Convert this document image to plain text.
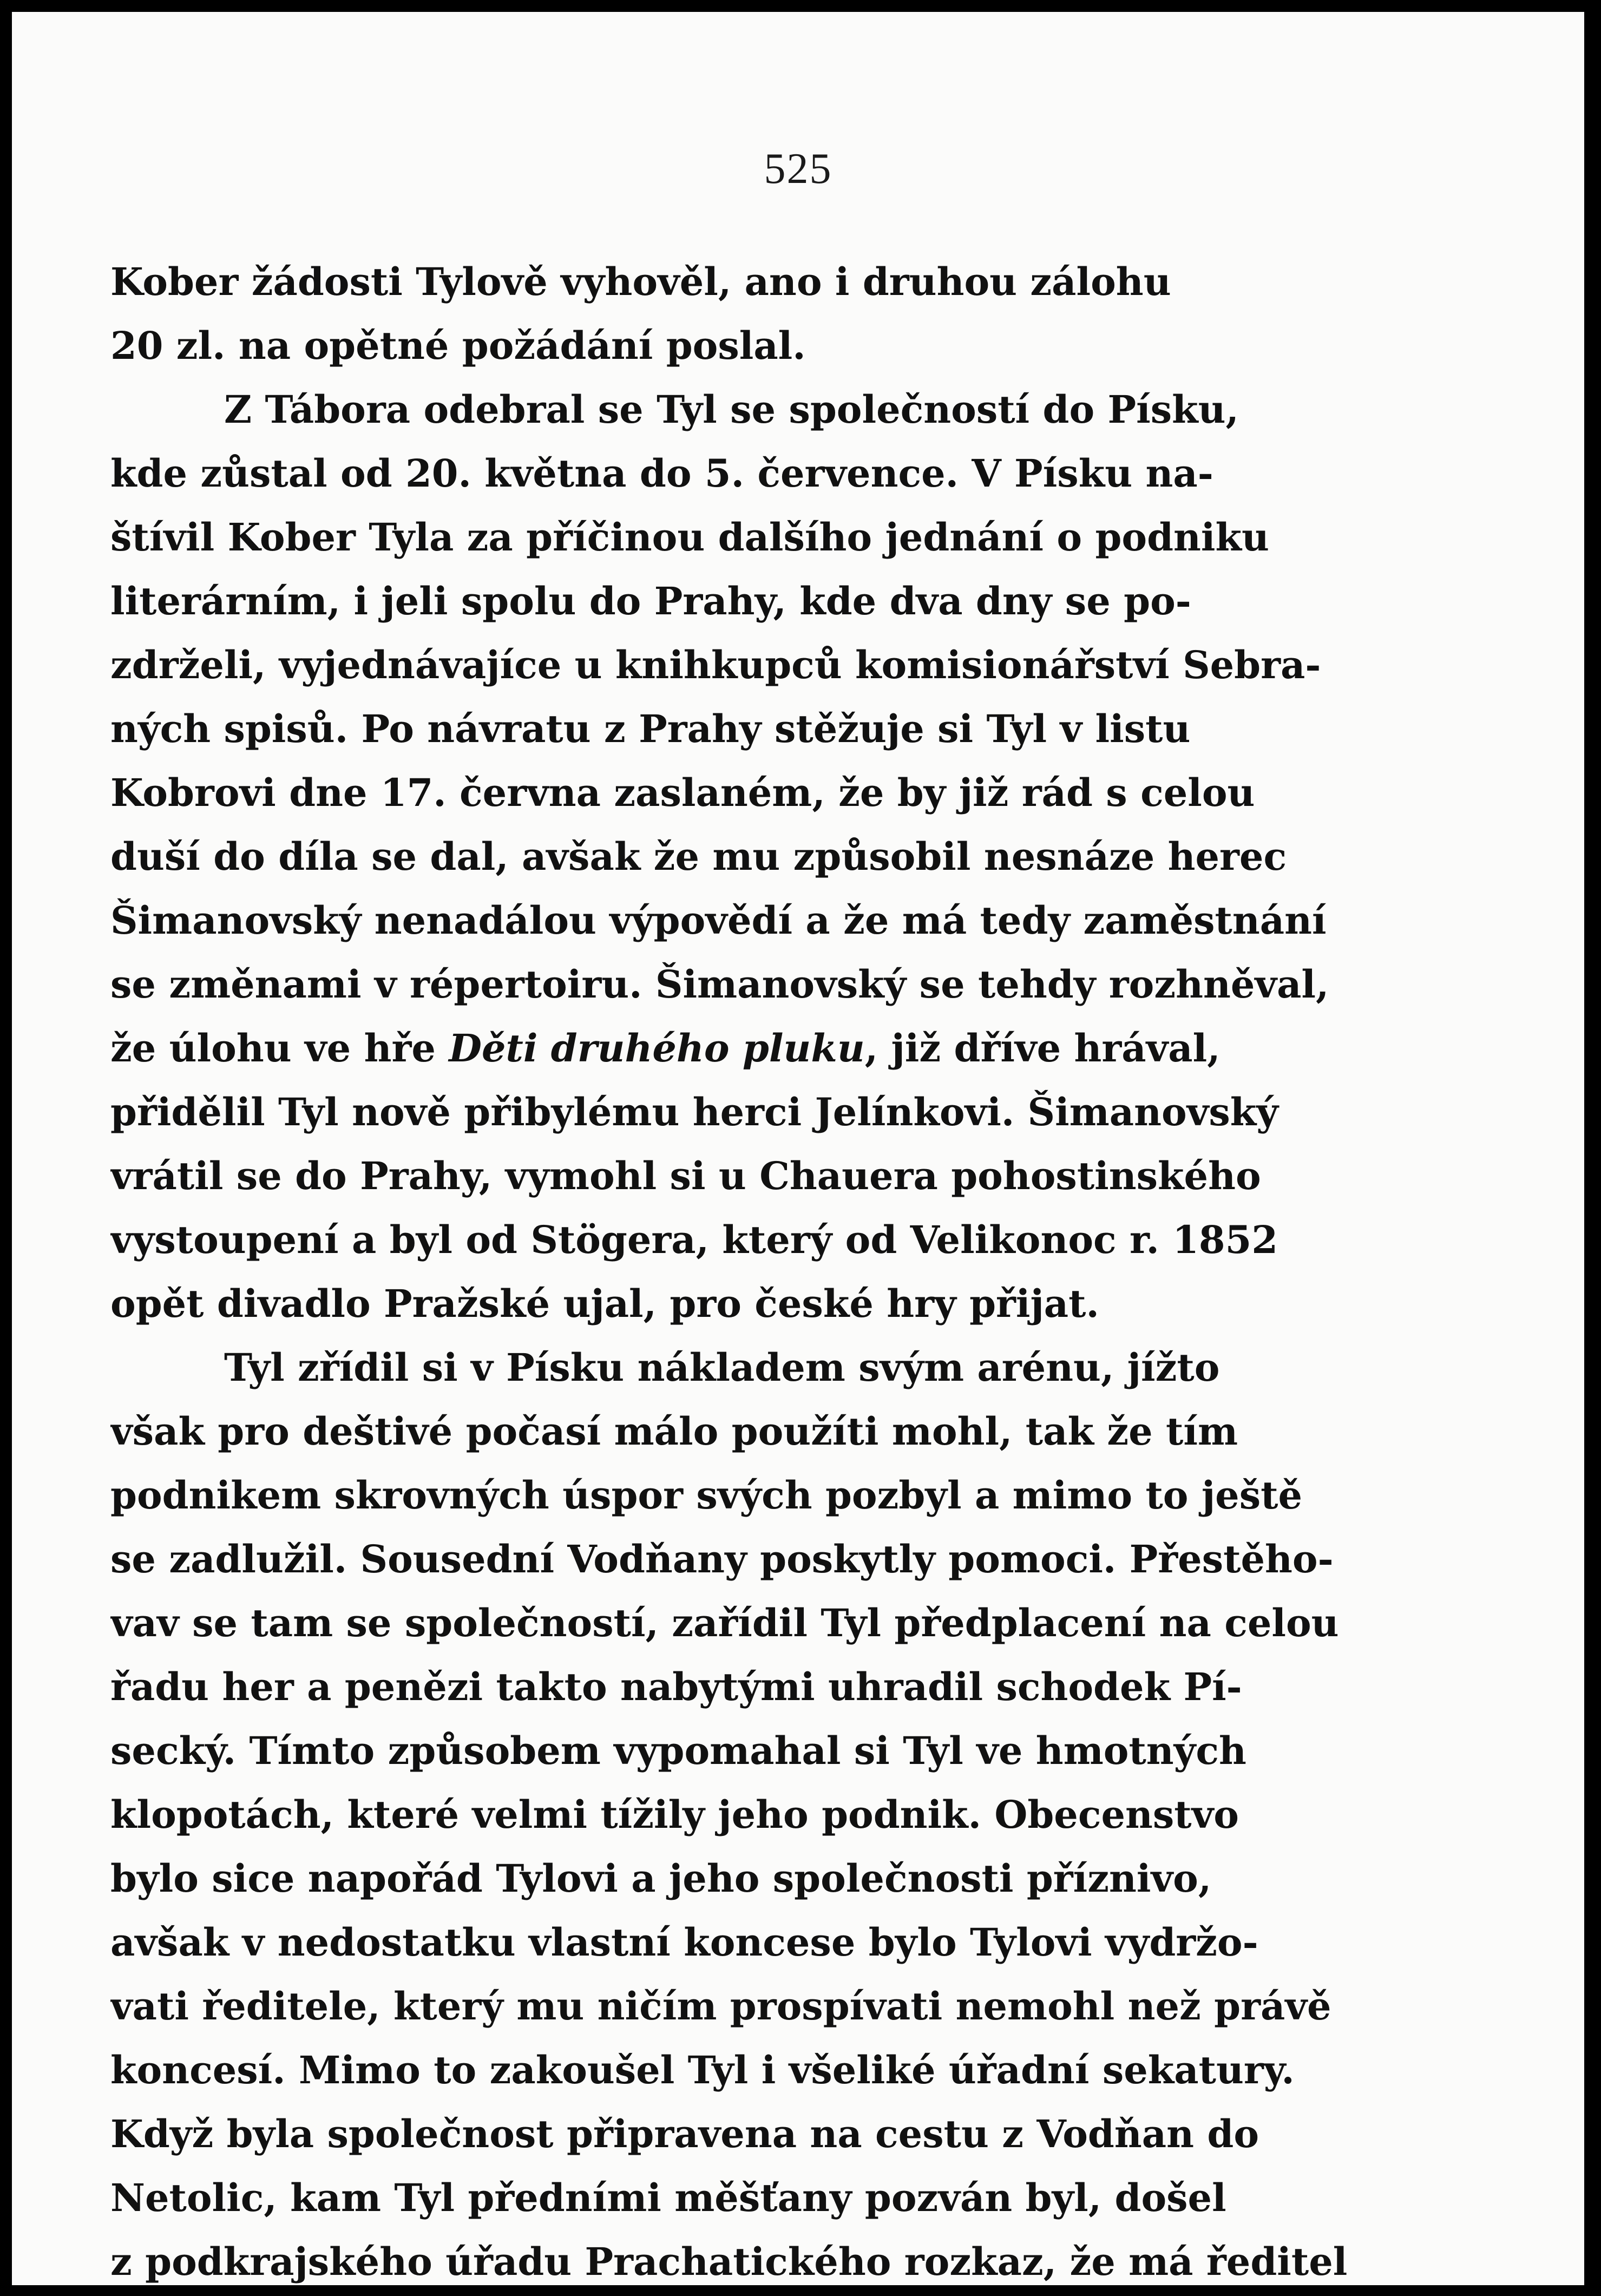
525
Kober žádosti Tylově vyhověl, ano i druhou zálohu
20 zl. na opětné požádání poslal.
Z Tábora odebral se Tyl se společností do Písku,
kde zůstal od 20. května do 5. července. V Písku na-
štívil Kober Tyla za příčinou dalšího jednání o podniku
literárním, i jeli spolu do Prahy, kde dva dny se po-
zdrželi, vyjednávajíce u knihkupců komisionářství Sebra-
ných spisů. Po návratu z Prahy stěžuje si Tyl v listu
Kobrovi dne 17. června zaslaném, že by již rád s celou
duší do díla se dal, avšak že mu způsobil nesnáze herec
Šimanovský nenadálou výpovědí a že má tedy zaměstnání
se změnami v répertoiru. Šimanovský se tehdy rozhněval,
že úlohu ve hře Děti druhého pluku, již dříve hrával,
přidělil Tyl nově přibylému herci Jelínkovi. Šimanovský
vrátil se do Prahy, vymohl si u Chauera pohostinského
vystoupení a byl od Stögera, který od Velikonoc r. 1852
opět divadlo Pražské ujal, pro české hry přijat.
Tyl zřídil si v Písku nákladem svým arénu, jížto
však pro deštivé počasí málo použíti mohl, tak že tím
podnikem skrovných úspor svých pozbyl a mimo to ještě
se zadlužil. Sousední Vodňany poskytly pomoci. Přestěho-
vav se tam se společností, zařídil Tyl předplacení na celou
řadu her a penězi takto nabytými uhradil schodek Pí-
secký. Tímto způsobem vypomahal si Tyl ve hmotných
klopotách, které velmi tížily jeho podnik. Obecenstvo
bylo sice napořád Tylovi a jeho společnosti příznivo,
avšak v nedostatku vlastní koncese bylo Tylovi vydržo-
vati ředitele, který mu ničím prospívati nemohl než právě
koncesí. Mimo to zakoušel Tyl i všeliké úřadní sekatury.
Když byla společnost připravena na cestu z Vodňan do
Netolic, kam Tyl předními měšťany pozván byl, došel
z podkrajského úřadu Prachatického rozkaz, že má ředitel
